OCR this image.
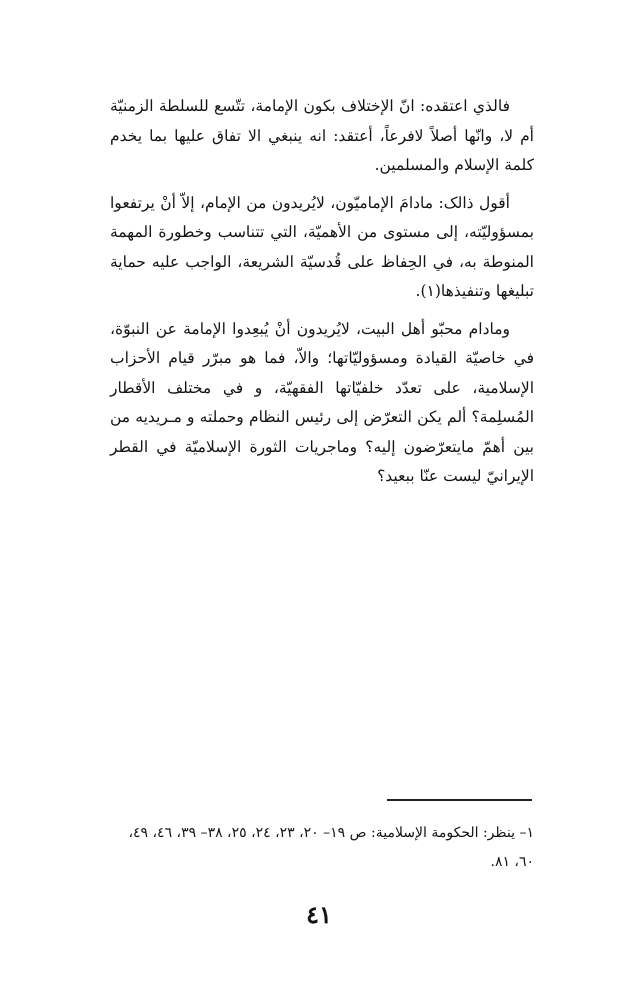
فالذي اعتقده: انّ الإختلاف بكون الإمامة، تتّسع للسلطة الزمنيّة أم لا، وانّها أصلاً لافرعاً، أعتقد: انه ينبغي الا تفاق عليها بما يخدم كلمة الإسلام والمسلمين.

أقول ذالک: مادامَ الإماميّون، لايُريدون من الإمام، إلاّ أنْ يرتفعوا بمسؤوليّته، إلى مستوى من الأهميّة، التي تتناسب وخطورة المهمة المنوطة به، في الحِفاظ على قُدسيّة الشريعة، الواجب عليه حماية تبليغها وتنفيذها(١).

ومادام محبّو أهل البيت، لايُريدون أنْ يُبعِدوا الإمامة عن النبوّة، في خاصيّة القيادة ومسؤوليّاتها؛ والاّ، فما هو مبرّر قيام الأحزاب الإسلامية، على تعدّد خلفيّاتها الفقهيّة، و في مختلف الأقطار المُسلِمة؟ ألم يكن التعرّض إلى رئيس النظام وحملته و مـريديه من بين أهمّ مايتعرّضون إليه؟ وماجريات الثورة الإسلاميّة في القطر الإيرانيّ ليست عنّا ببعيد؟

١– ينظر: الحكومة الإسلامية: ص ١٩– ٢٠، ٢٣، ٢٤، ٢٥، ٣٨– ٣٩، ٤٦، ٤٩، ٦٠، ٨١.
٤١
